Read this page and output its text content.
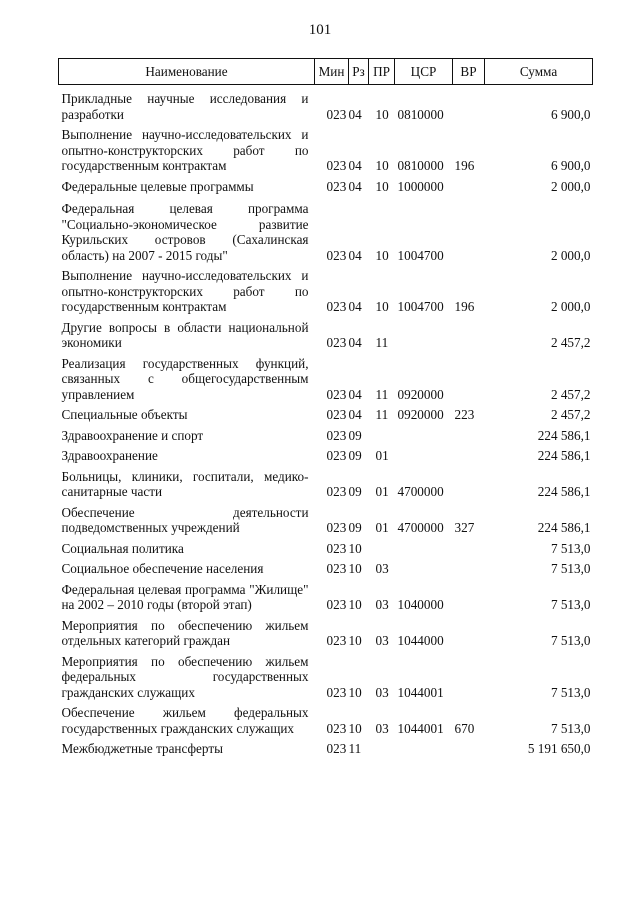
101
Наименование	Мин	Рз	ПР	ЦСР	ВР	Сумма
Прикладные научные исследования и разработки	023	04	10	0810000		6 900,0
Выполнение научно-исследовательских и опытно-конструкторских работ по государственным контрактам	023	04	10	0810000	196	6 900,0
Федеральные целевые программы	023	04	10	1000000		2 000,0
Федеральная целевая программа "Социально-экономическое развитие Курильских островов (Сахалинская область) на 2007 - 2015 годы"	023	04	10	1004700		2 000,0
Выполнение научно-исследовательских и опытно-конструкторских работ по государственным контрактам	023	04	10	1004700	196	2 000,0
Другие вопросы в области национальной экономики	023	04	11			2 457,2
Реализация государственных функций, связанных с общегосударственным управлением	023	04	11	0920000		2 457,2
Специальные объекты	023	04	11	0920000	223	2 457,2
Здравоохранение и спорт	023	09				224 586,1
Здравоохранение	023	09	01			224 586,1
Больницы, клиники, госпитали, медико-санитарные части	023	09	01	4700000		224 586,1
Обеспечение деятельности подведомственных учреждений	023	09	01	4700000	327	224 586,1
Социальная политика	023	10				7 513,0
Социальное обеспечение населения	023	10	03			7 513,0
Федеральная целевая программа "Жилище" на 2002 – 2010 годы (второй этап)	023	10	03	1040000		7 513,0
Мероприятия по обеспечению жильем отдельных категорий граждан	023	10	03	1044000		7 513,0
Мероприятия по обеспечению жильем федеральных государственных гражданских служащих	023	10	03	1044001		7 513,0
Обеспечение жильем федеральных государственных гражданских служащих	023	10	03	1044001	670	7 513,0
Межбюджетные трансферты	023	11				5 191 650,0
